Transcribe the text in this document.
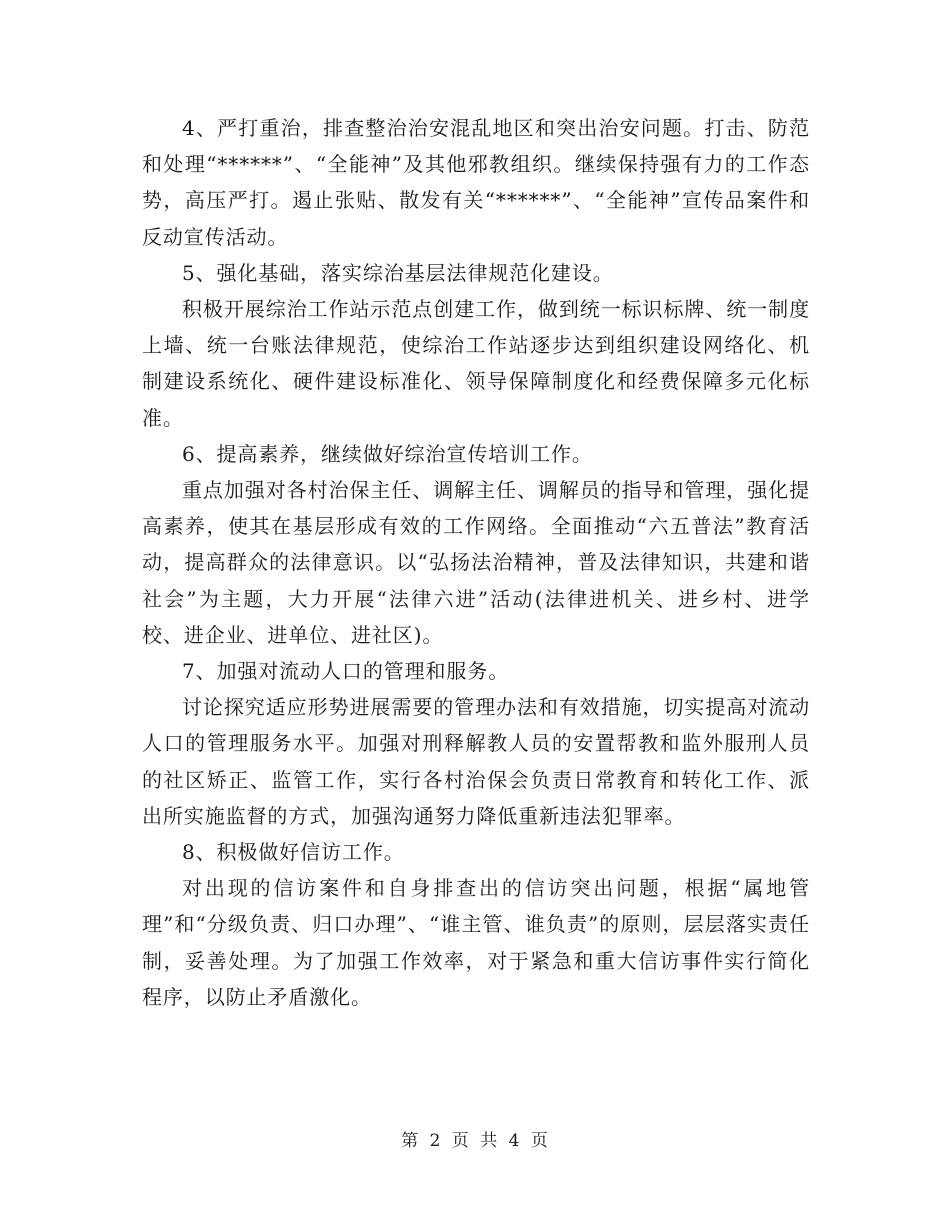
4、严打重治，排查整治治安混乱地区和突出治安问题。打击、防范和处理“******”、“全能神”及其他邪教组织。继续保持强有力的工作态势，高压严打。遏止张贴、散发有关“******”、“全能神”宣传品案件和反动宣传活动。

5、强化基础，落实综治基层法律规范化建设。

积极开展综治工作站示范点创建工作，做到统一标识标牌、统一制度上墙、统一台账法律规范，使综治工作站逐步达到组织建设网络化、机制建设系统化、硬件建设标准化、领导保障制度化和经费保障多元化标准。

6、提高素养，继续做好综治宣传培训工作。

重点加强对各村治保主任、调解主任、调解员的指导和管理，强化提高素养，使其在基层形成有效的工作网络。全面推动“六五普法”教育活动，提高群众的法律意识。以“弘扬法治精神，普及法律知识，共建和谐社会”为主题，大力开展“法律六进”活动(法律进机关、进乡村、进学校、进企业、进单位、进社区)。

7、加强对流动人口的管理和服务。

讨论探究适应形势进展需要的管理办法和有效措施，切实提高对流动人口的管理服务水平。加强对刑释解教人员的安置帮教和监外服刑人员的社区矫正、监管工作，实行各村治保会负责日常教育和转化工作、派出所实施监督的方式，加强沟通努力降低重新违法犯罪率。

8、积极做好信访工作。

对出现的信访案件和自身排查出的信访突出问题，根据“属地管理”和“分级负责、归口办理”、“谁主管、谁负责”的原则，层层落实责任制，妥善处理。为了加强工作效率，对于紧急和重大信访事件实行简化程序，以防止矛盾激化。

第 2 页 共 4 页
